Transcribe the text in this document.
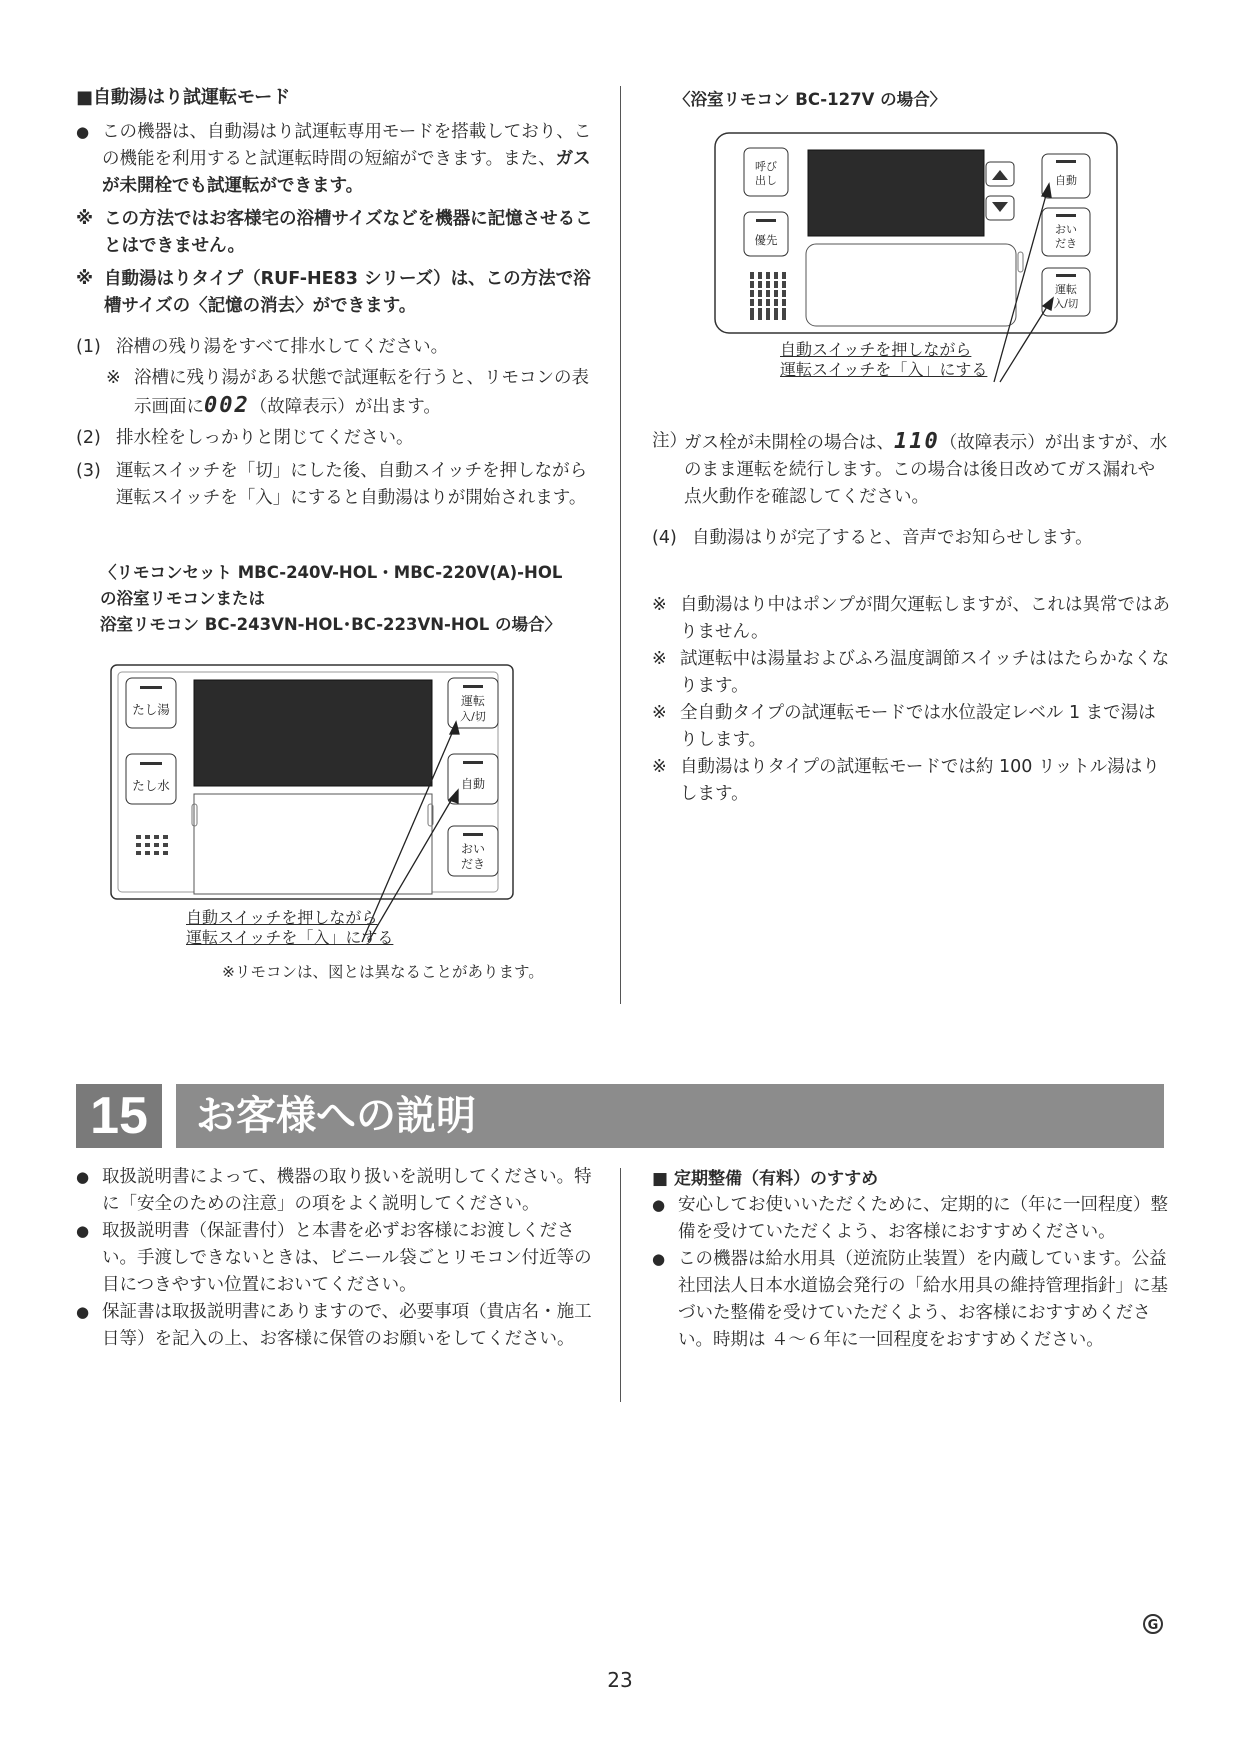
■自動湯はり試運転モード
● この機器は、自動湯はり試運転専用モードを搭載しており、この機能を利用すると試運転時間の短縮ができます。また、ガスが未開栓でも試運転ができます。
※ この方法ではお客様宅の浴槽サイズなどを機器に記憶させることはできません。
※ 自動湯はりタイプ（RUF-HE83 シリーズ）は、この方法で浴槽サイズの〈記憶の消去〉ができます。
(1) 浴槽の残り湯をすべて排水してください。
※ 浴槽に残り湯がある状態で試運転を行うと、リモコンの表示画面に002（故障表示）が出ます。
(2) 排水栓をしっかりと閉じてください。
(3) 運転スイッチを「切」にした後、自動スイッチを押しながら運転スイッチを「入」にすると自動湯はりが開始されます。
〈リモコンセット MBC-240V-HOL・MBC-220V(A)-HOL
の浴室リモコンまたは
浴室リモコン BC-243VN-HOL･BC-223VN-HOL の場合〉
たし湯
たし水
運転
入/切
自動
おい
だき
自動スイッチを押しながら
運転スイッチを「入」にする
※リモコンは、図とは異なることがあります。
〈浴室リモコン BC-127V の場合〉
呼び
出し
優先
自動
おい
だき
運転
入/切
自動スイッチを押しながら
運転スイッチを「入」にする
注）
ガス栓が未開栓の場合は、110（故障表示）が出ますが、水のまま運転を続行します。この場合は後日改めてガス漏れや点火動作を確認してください。
(4) 自動湯はりが完了すると、音声でお知らせします。
※ 自動湯はり中はポンプが間欠運転しますが、これは異常ではありません。
※ 試運転中は湯量およびふろ温度調節スイッチははたらかなくなります。
※ 全自動タイプの試運転モードでは水位設定レベル 1 まで湯はりします。
※ 自動湯はりタイプの試運転モードでは約 100 リットル湯はりします。
15	お客様への説明
● 取扱説明書によって、機器の取り扱いを説明してください。特に「安全のための注意」の項をよく説明してください。
● 取扱説明書（保証書付）と本書を必ずお客様にお渡しください。手渡しできないときは、ビニール袋ごとリモコン付近等の目につきやすい位置においてください。
● 保証書は取扱説明書にありますので、必要事項（貴店名・施工日等）を記入の上、お客様に保管のお願いをしてください。
■ 定期整備（有料）のすすめ
● 安心してお使いいただくために、定期的に（年に一回程度）整備を受けていただくよう、お客様におすすめください。
● この機器は給水用具（逆流防止装置）を内蔵しています。公益社団法人日本水道協会発行の「給水用具の維持管理指針」に基づいた整備を受けていただくよう、お客様におすすめください。時期は ４～６年に一回程度をおすすめください。
G
23
